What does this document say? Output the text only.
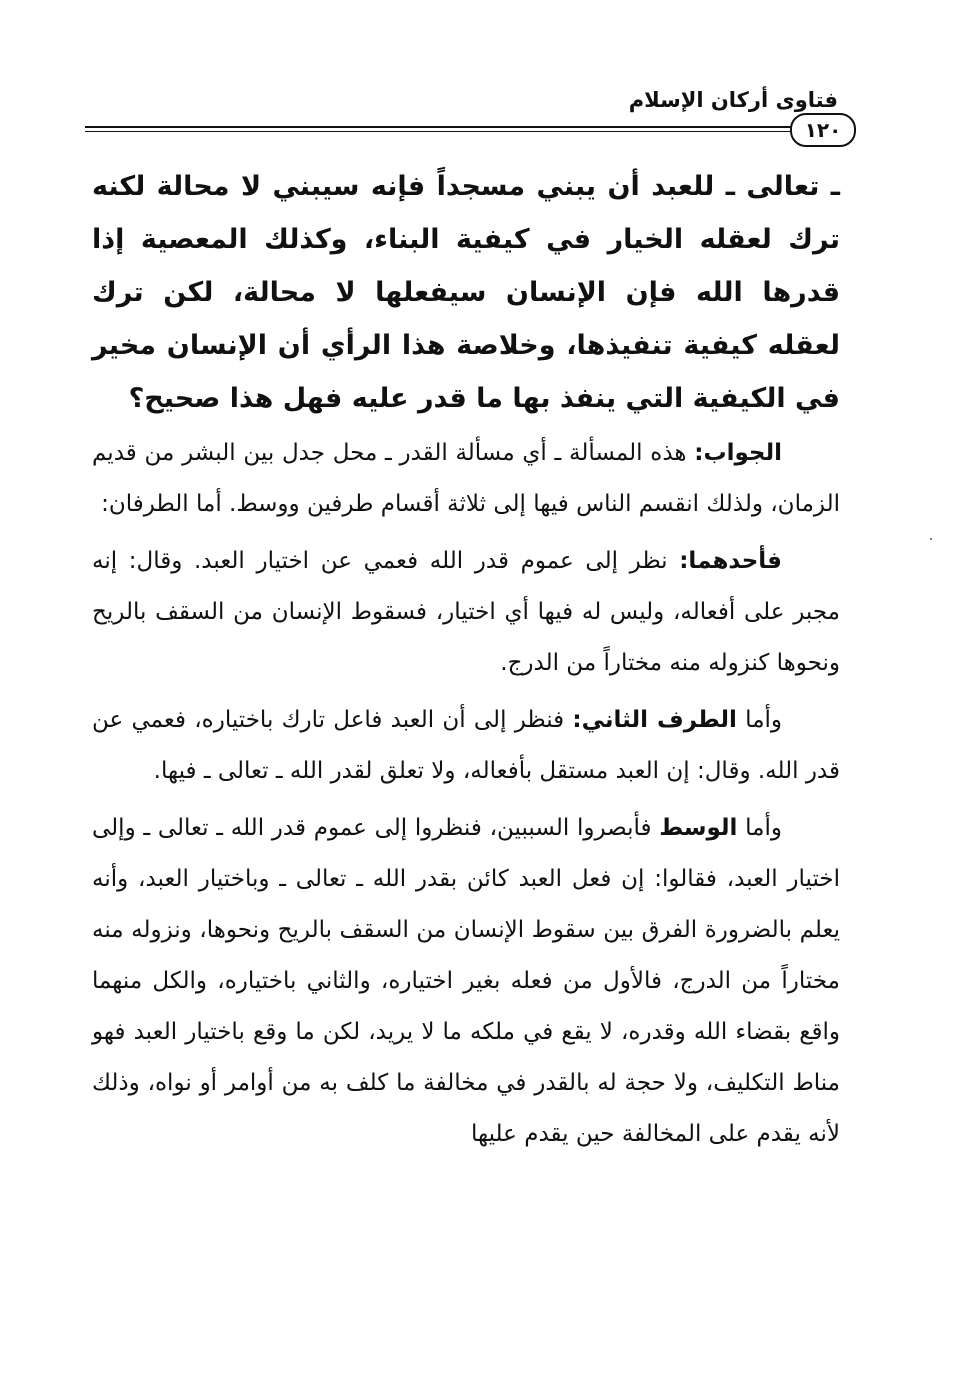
فتاوى أركان الإسلام
١٢٠
ـ تعالى ـ للعبد أن يبني مسجداً فإنه سيبني لا محالة لكنه ترك لعقله الخيار في كيفية البناء، وكذلك المعصية إذا قدرها الله فإن الإنسان سيفعلها لا محالة، لكن ترك لعقله كيفية تنفيذها، وخلاصة هذا الرأي أن الإنسان مخير في الكيفية التي ينفذ بها ما قدر عليه فهل هذا صحيح؟

الجواب: هذه المسألة ـ أي مسألة القدر ـ محل جدل بين البشر من قديم الزمان، ولذلك انقسم الناس فيها إلى ثلاثة أقسام طرفين ووسط. أما الطرفان:

فأحدهما: نظر إلى عموم قدر الله فعمي عن اختيار العبد. وقال: إنه مجبر على أفعاله، وليس له فيها أي اختيار، فسقوط الإنسان من السقف بالريح ونحوها كنزوله منه مختاراً من الدرج.

وأما الطرف الثاني: فنظر إلى أن العبد فاعل تارك باختياره، فعمي عن قدر الله. وقال: إن العبد مستقل بأفعاله، ولا تعلق لقدر الله ـ تعالى ـ فيها.

وأما الوسط فأبصروا السببين، فنظروا إلى عموم قدر الله ـ تعالى ـ وإلى اختيار العبد، فقالوا: إن فعل العبد كائن بقدر الله ـ تعالى ـ وباختيار العبد، وأنه يعلم بالضرورة الفرق بين سقوط الإنسان من السقف بالريح ونحوها، ونزوله منه مختاراً من الدرج، فالأول من فعله بغير اختياره، والثاني باختياره، والكل منهما واقع بقضاء الله وقدره، لا يقع في ملكه ما لا يريد، لكن ما وقع باختيار العبد فهو مناط التكليف، ولا حجة له بالقدر في مخالفة ما كلف به من أوامر أو نواه، وذلك لأنه يقدم على المخالفة حين يقدم عليها
